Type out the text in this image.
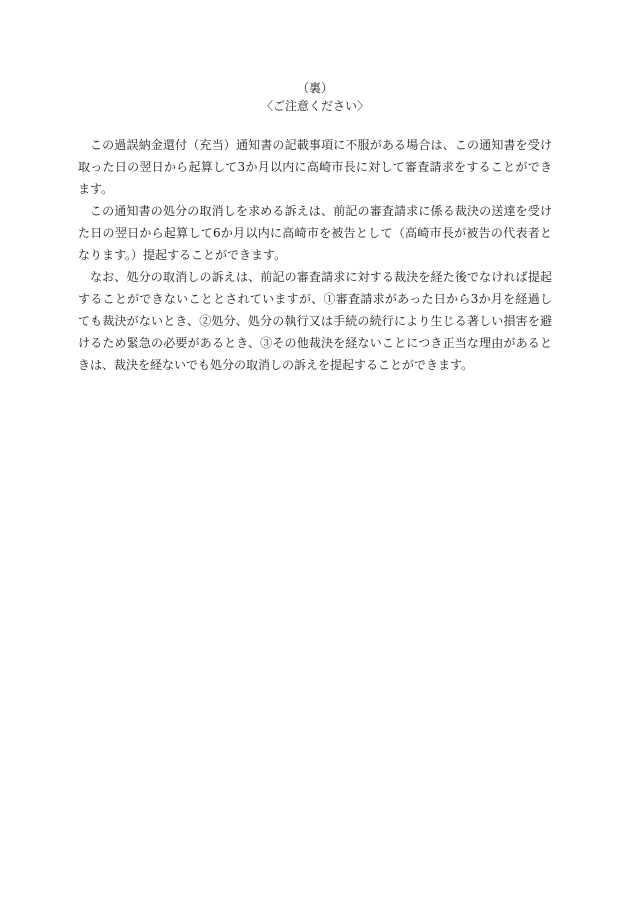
（裏）
〈ご注意ください〉

この過誤納金還付（充当）通知書の記載事項に不服がある場合は、この通知書を受け取った日の翌日から起算して3か月以内に高崎市長に対して審査請求をすることができます。

この通知書の処分の取消しを求める訴えは、前記の審査請求に係る裁決の送達を受けた日の翌日から起算して6か月以内に高崎市を被告として（高崎市長が被告の代表者となります。）提起することができます。

なお、処分の取消しの訴えは、前記の審査請求に対する裁決を経た後でなければ提起することができないこととされていますが、①審査請求があった日から3か月を経過しても裁決がないとき、②処分、処分の執行又は手続の続行により生じる著しい損害を避けるため緊急の必要があるとき、③その他裁決を経ないことにつき正当な理由があるときは、裁決を経ないでも処分の取消しの訴えを提起することができます。
